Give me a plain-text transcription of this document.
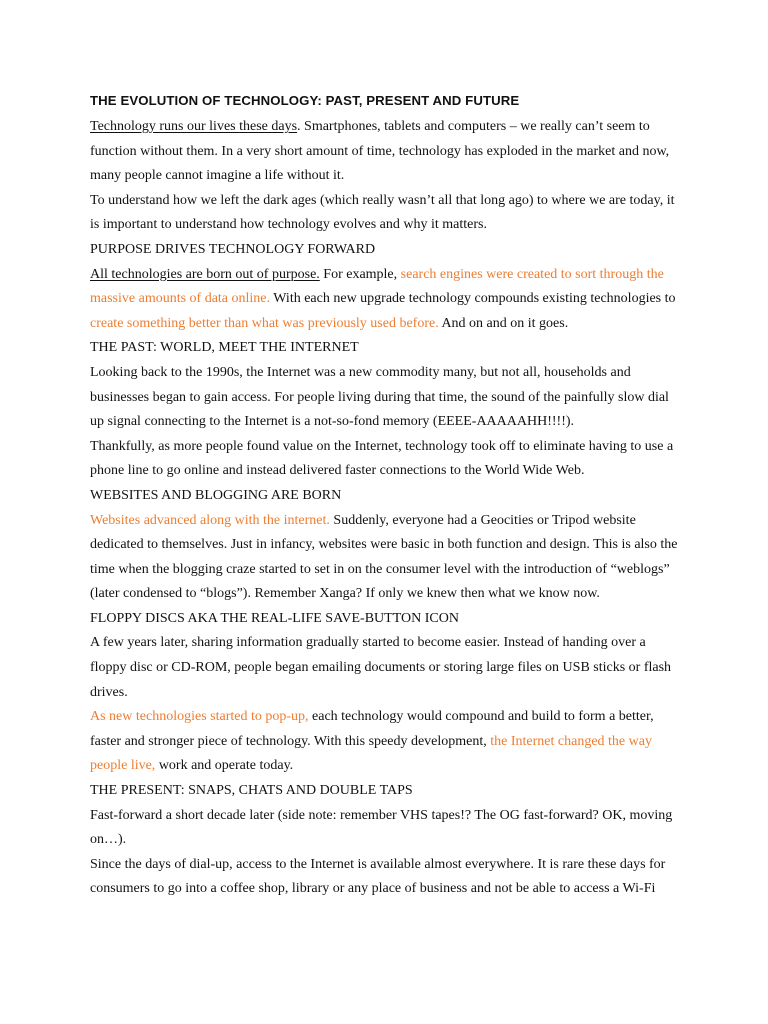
THE EVOLUTION OF TECHNOLOGY: PAST, PRESENT AND FUTURE

Technology runs our lives these days. Smartphones, tablets and computers – we really can’t seem to function without them. In a very short amount of time, technology has exploded in the market and now, many people cannot imagine a life without it.

To understand how we left the dark ages (which really wasn’t all that long ago) to where we are today, it is important to understand how technology evolves and why it matters.

PURPOSE DRIVES TECHNOLOGY FORWARD

All technologies are born out of purpose. For example, search engines were created to sort through the massive amounts of data online. With each new upgrade technology compounds existing technologies to create something better than what was previously used before. And on and on it goes.

THE PAST: WORLD, MEET THE INTERNET

Looking back to the 1990s, the Internet was a new commodity many, but not all, households and businesses began to gain access. For people living during that time, the sound of the painfully slow dial up signal connecting to the Internet is a not-so-fond memory (EEEE-AAAAAHH!!!!).

Thankfully, as more people found value on the Internet, technology took off to eliminate having to use a phone line to go online and instead delivered faster connections to the World Wide Web.

WEBSITES AND BLOGGING ARE BORN

Websites advanced along with the internet. Suddenly, everyone had a Geocities or Tripod website dedicated to themselves. Just in infancy, websites were basic in both function and design. This is also the time when the blogging craze started to set in on the consumer level with the introduction of “weblogs” (later condensed to “blogs”). Remember Xanga? If only we knew then what we know now.

FLOPPY DISCS AKA THE REAL-LIFE SAVE-BUTTON ICON

A few years later, sharing information gradually started to become easier. Instead of handing over a floppy disc or CD-ROM, people began emailing documents or storing large files on USB sticks or flash drives.

As new technologies started to pop-up, each technology would compound and build to form a better, faster and stronger piece of technology. With this speedy development, the Internet changed the way people live, work and operate today.

THE PRESENT: SNAPS, CHATS AND DOUBLE TAPS

Fast-forward a short decade later (side note: remember VHS tapes!? The OG fast-forward? OK, moving on…).

Since the days of dial-up, access to the Internet is available almost everywhere. It is rare these days for consumers to go into a coffee shop, library or any place of business and not be able to access a Wi-Fi
